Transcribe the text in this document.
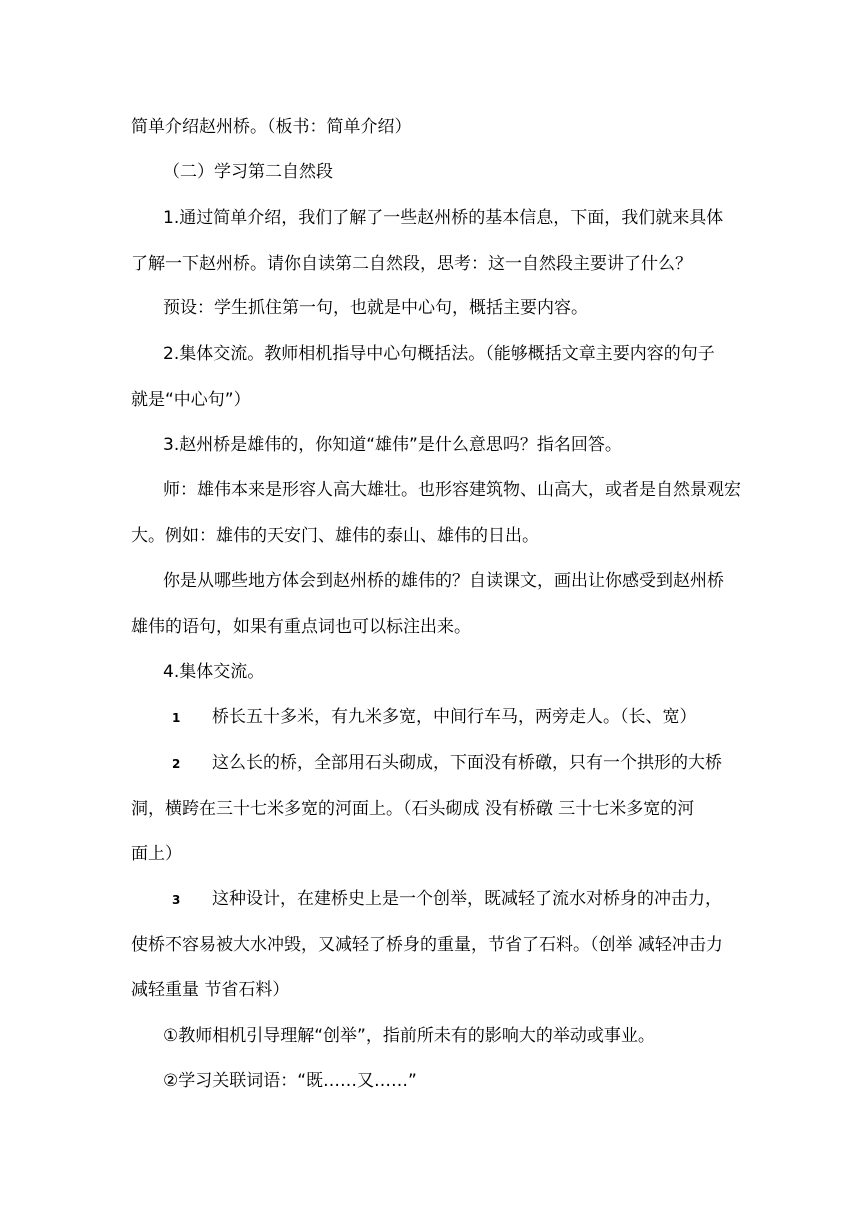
简单介绍赵州桥。（板书：简单介绍）
（二）学习第二自然段
1.通过简单介绍，我们了解了一些赵州桥的基本信息，下面，我们就来具体
了解一下赵州桥。请你自读第二自然段，思考：这一自然段主要讲了什么？
预设：学生抓住第一句，也就是中心句，概括主要内容。
2.集体交流。教师相机指导中心句概括法。（能够概括文章主要内容的句子
就是“中心句”）
3.赵州桥是雄伟的，你知道“雄伟”是什么意思吗？指名回答。
师：雄伟本来是形容人高大雄壮。也形容建筑物、山高大，或者是自然景观宏
大。例如：雄伟的天安门、雄伟的泰山、雄伟的日出。
你是从哪些地方体会到赵州桥的雄伟的？自读课文，画出让你感受到赵州桥
雄伟的语句，如果有重点词也可以标注出来。
4.集体交流。
1 桥长五十多米，有九米多宽，中间行车马，两旁走人。（长、宽）
2 这么长的桥，全部用石头砌成，下面没有桥礅，只有一个拱形的大桥
洞，横跨在三十七米多宽的河面上。（石头砌成 没有桥礅 三十七米多宽的河
面上）
3 这种设计，在建桥史上是一个创举，既减轻了流水对桥身的冲击力，
使桥不容易被大水冲毁，又减轻了桥身的重量，节省了石料。（创举 减轻冲击力
减轻重量 节省石料）
①教师相机引导理解“创举”，指前所未有的影响大的举动或事业。
②学习关联词语：“既……又……”
